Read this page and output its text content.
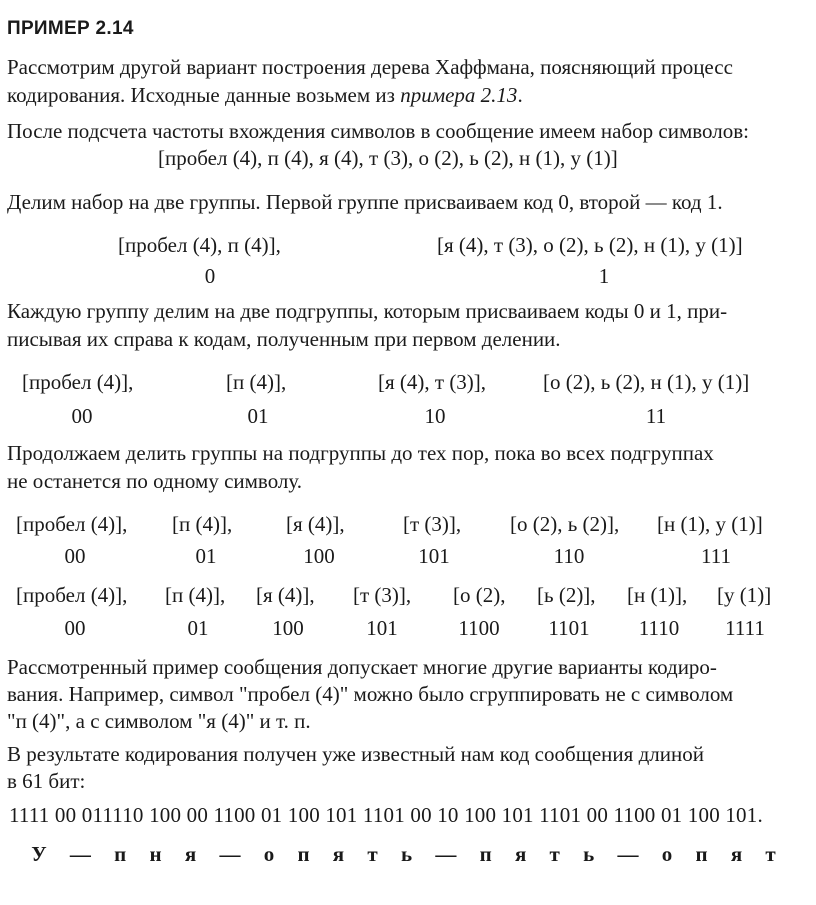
ПРИМЕР 2.14
Рассмотрим другой вариант построения дерева Хаффмана, поясняющий процесс
кодирования. Исходные данные возьмем из примера 2.13.
После подсчета частоты вхождения символов в сообщение имеем набор символов:
[пробел (4), п (4), я (4), т (3), о (2), ь (2), н (1), у (1)]
Делим набор на две группы. Первой группе присваиваем код 0, второй — код 1.
[пробел (4), п (4)],	[я (4), т (3), о (2), ь (2), н (1), у (1)]
0	1
Каждую группу делим на две подгруппы, которым присваиваем коды 0 и 1, при-
писывая их справа к кодам, полученным при первом делении.
[пробел (4)],	[п (4)],	[я (4), т (3)],	[о (2), ь (2), н (1), у (1)]
00	01	10	11
Продолжаем делить группы на подгруппы до тех пор, пока во всех подгруппах
не останется по одному символу.
[пробел (4)], [п (4)],	[я (4)],	[т (3)], [о (2), ь (2)], [н (1), у (1)]
00	01	100	101	110	111
[пробел (4)], [п (4)], [я (4)], [т (3)], [о (2), [ь (2)], [н (1)], [у (1)]
00	01	100	101	1100	1101	1110	1111
Рассмотренный пример сообщения допускает многие другие варианты кодиро-
вания. Например, символ "пробел (4)" можно было сгруппировать не с символом
"п (4)", а с символом "я (4)" и т. п.
В результате кодирования получен уже известный нам код сообщения длиной
в 61 бит:
1111 00 011110 100 00 1100 01 100 101 1101 00 10 100 101 1101 00 1100 01 100 101.
У — п н я — о п я т ь — п я т ь — о п я т
